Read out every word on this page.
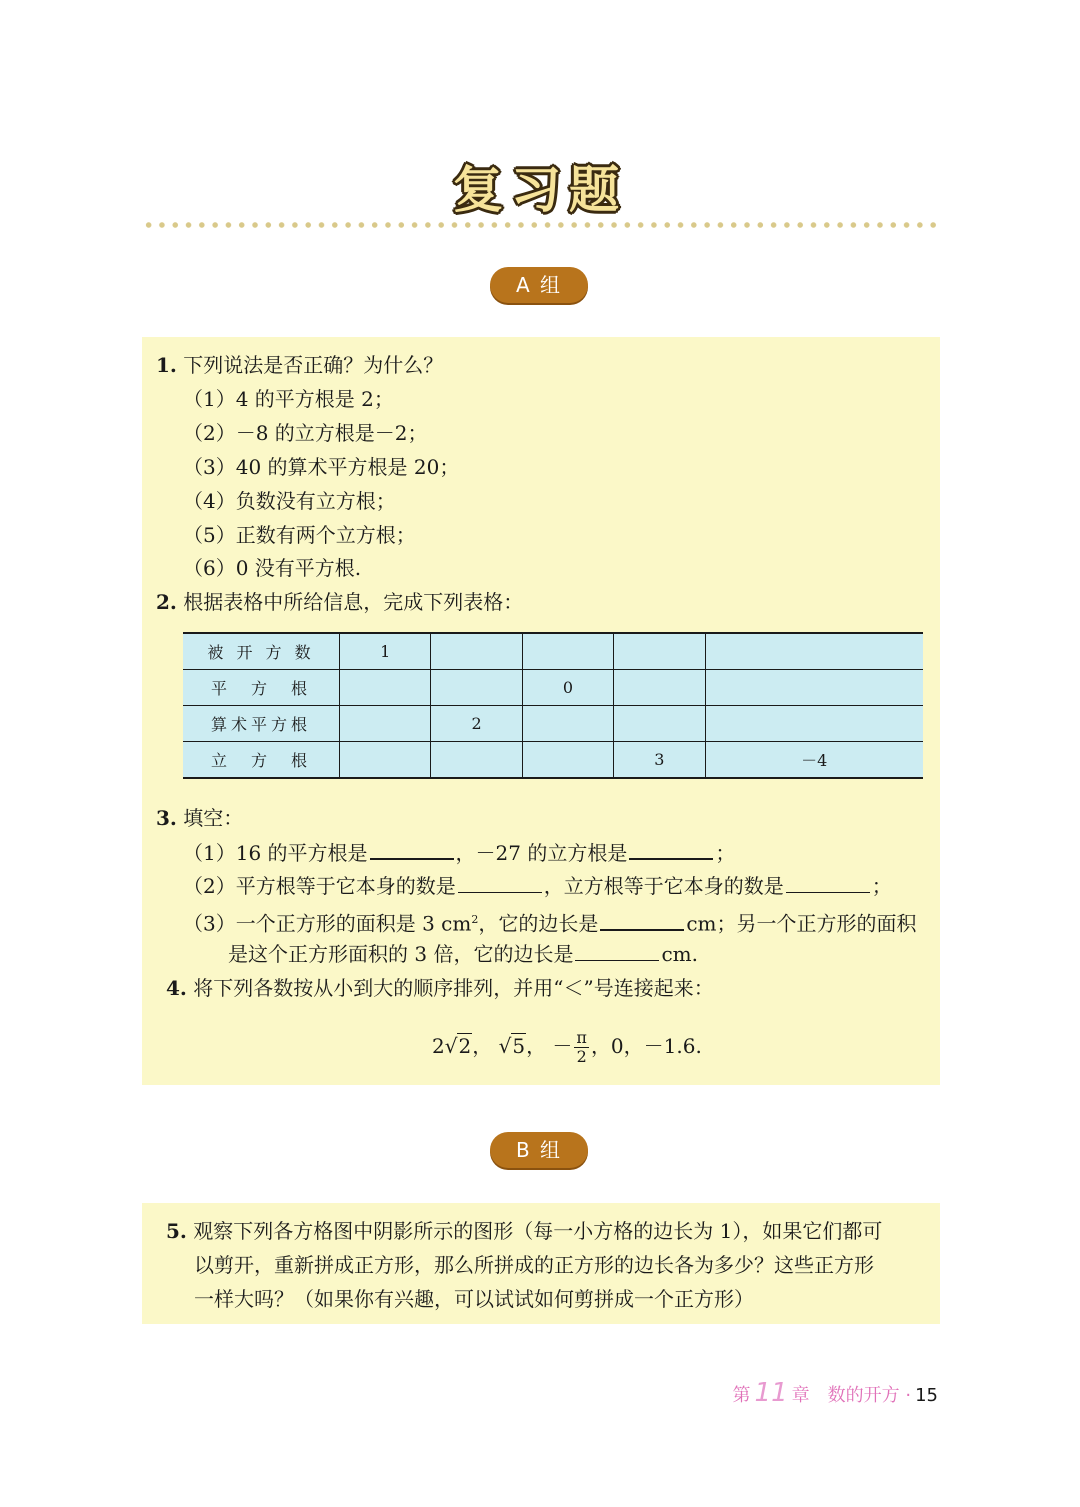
复习题
A 组
1. 下列说法是否正确？为什么？
（1）4 的平方根是 2；
（2）－8 的立方根是－2；
（3）40 的算术平方根是 20；
（4）负数没有立方根；
（5）正数有两个立方根；
（6）0 没有平方根.
2. 根据表格中所给信息，完成下列表格：
被 开 方 数	1				
平　方　根			0		
算术平方根		2			
立　方　根				3	－4
3. 填空：
（1）16 的平方根是	，－27 的立方根是	；
（2）平方根等于它本身的数是	，立方根等于它本身的数是	；
（3）一个正方形的面积是 3 $cm^2$，它的边长是	cm；另一个正方形的面积
是这个正方形面积的 3 倍，它的边长是	cm.
4. 将下列各数按从小到大的顺序排列，并用“＜”号连接起来：
2√2， √5， － $\frac{\pi}{2}$ ，0，－1.6.
B 组
5. 观察下列各方格图中阴影所示的图形（每一小方格的边长为 1），如果它们都可
以剪开，重新拼成正方形，那么所拼成的正方形的边长各为多少？这些正方形
一样大吗？（如果你有兴趣，可以试试如何剪拼成一个正方形）
第 11 章　数的开方 · 15
